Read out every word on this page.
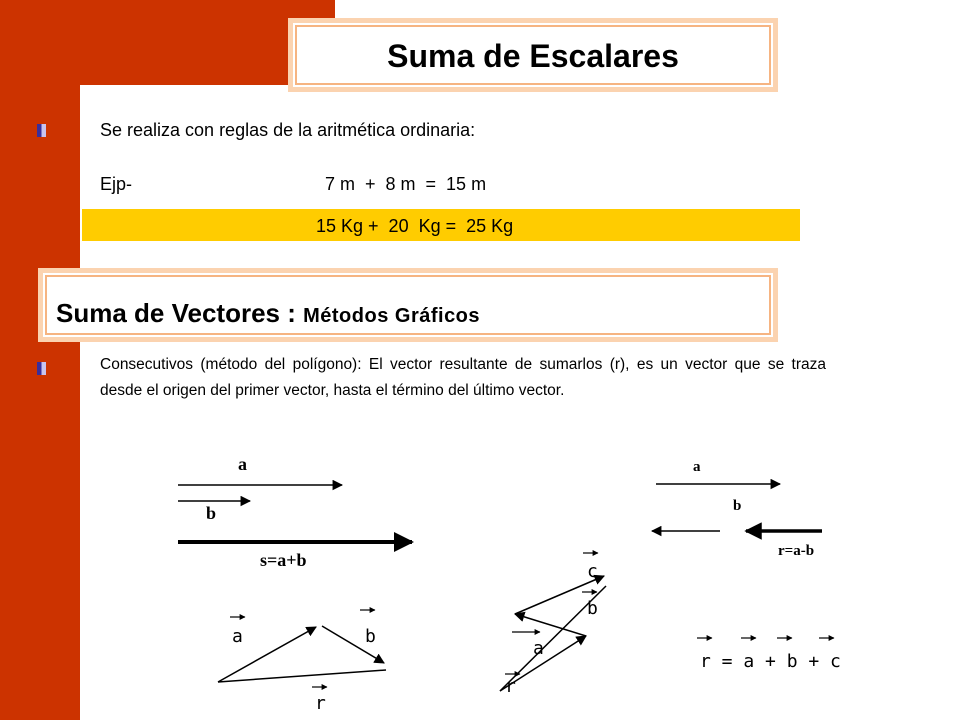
Suma de Escalares
Se realiza con reglas de la aritmética ordinaria:
Ejp-	7 m  +  8 m  =  15 m
15 Kg +  20  Kg =  25 Kg
Suma de Vectores : Métodos Gráficos
Consecutivos (método del polígono): El vector resultante de sumarlos (r), es un vector que se traza desde el origen del primer vector, hasta el término del último vector.
a
b
s=a+b
a
b
r=a-b
a	b
r
c
b
a
r
r = a + b + c
